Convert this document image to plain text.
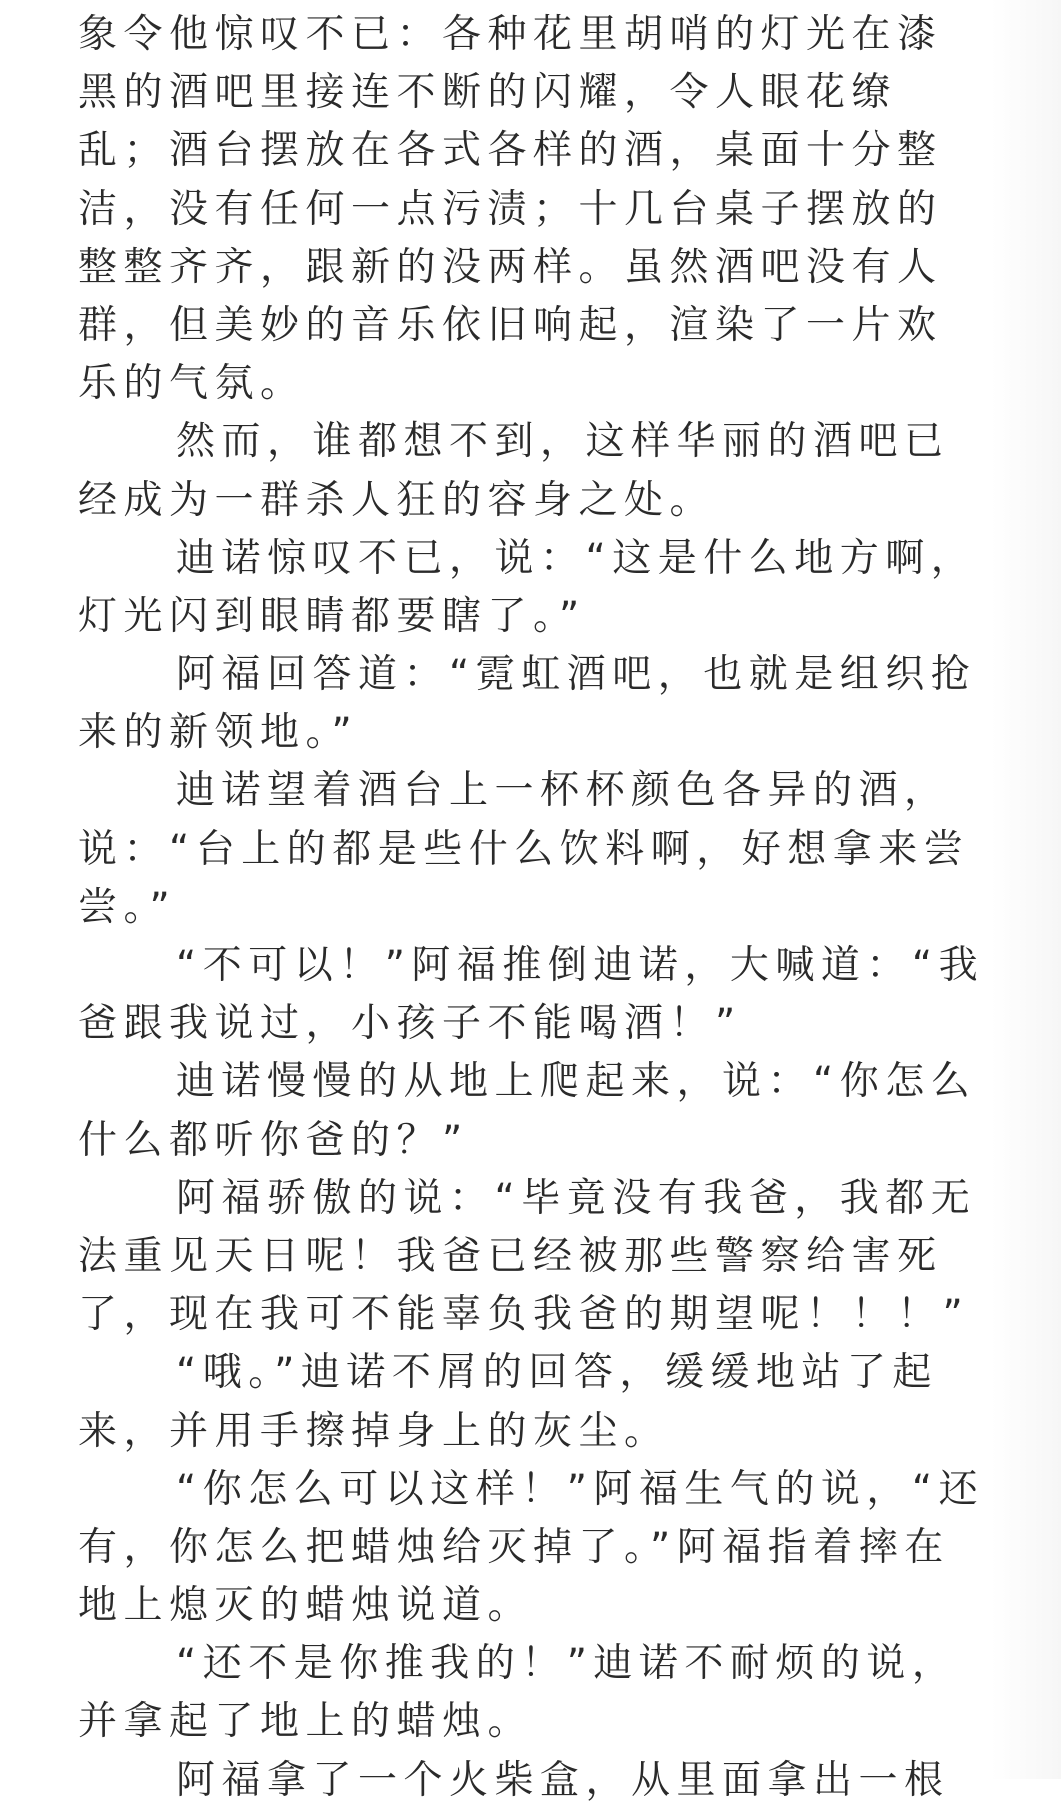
象令他惊叹不已：各种花里胡哨的灯光在漆
黑的酒吧里接连不断的闪耀，令人眼花缭
乱；酒台摆放在各式各样的酒，桌面十分整
洁，没有任何一点污渍；十几台桌子摆放的
整整齐齐，跟新的没两样。虽然酒吧没有人
群，但美妙的音乐依旧响起，渲染了一片欢
乐的气氛。
然而，谁都想不到，这样华丽的酒吧已
经成为一群杀人狂的容身之处。
迪诺惊叹不已，说：“这是什么地方啊，
灯光闪到眼睛都要瞎了。”
阿福回答道：“霓虹酒吧，也就是组织抢
来的新领地。”
迪诺望着酒台上一杯杯颜色各异的酒，
说：“台上的都是些什么饮料啊，好想拿来尝
尝。”
“不可以！”阿福推倒迪诺，大喊道：“我
爸跟我说过，小孩子不能喝酒！”
迪诺慢慢的从地上爬起来，说：“你怎么
什么都听你爸的？”
阿福骄傲的说：“毕竟没有我爸，我都无
法重见天日呢！我爸已经被那些警察给害死
了，现在我可不能辜负我爸的期望呢！！！”
“哦。”迪诺不屑的回答，缓缓地站了起
来，并用手擦掉身上的灰尘。
“你怎么可以这样！”阿福生气的说，“还
有，你怎么把蜡烛给灭掉了。”阿福指着摔在
地上熄灭的蜡烛说道。
“还不是你推我的！”迪诺不耐烦的说，
并拿起了地上的蜡烛。
阿福拿了一个火柴盒，从里面拿出一根
